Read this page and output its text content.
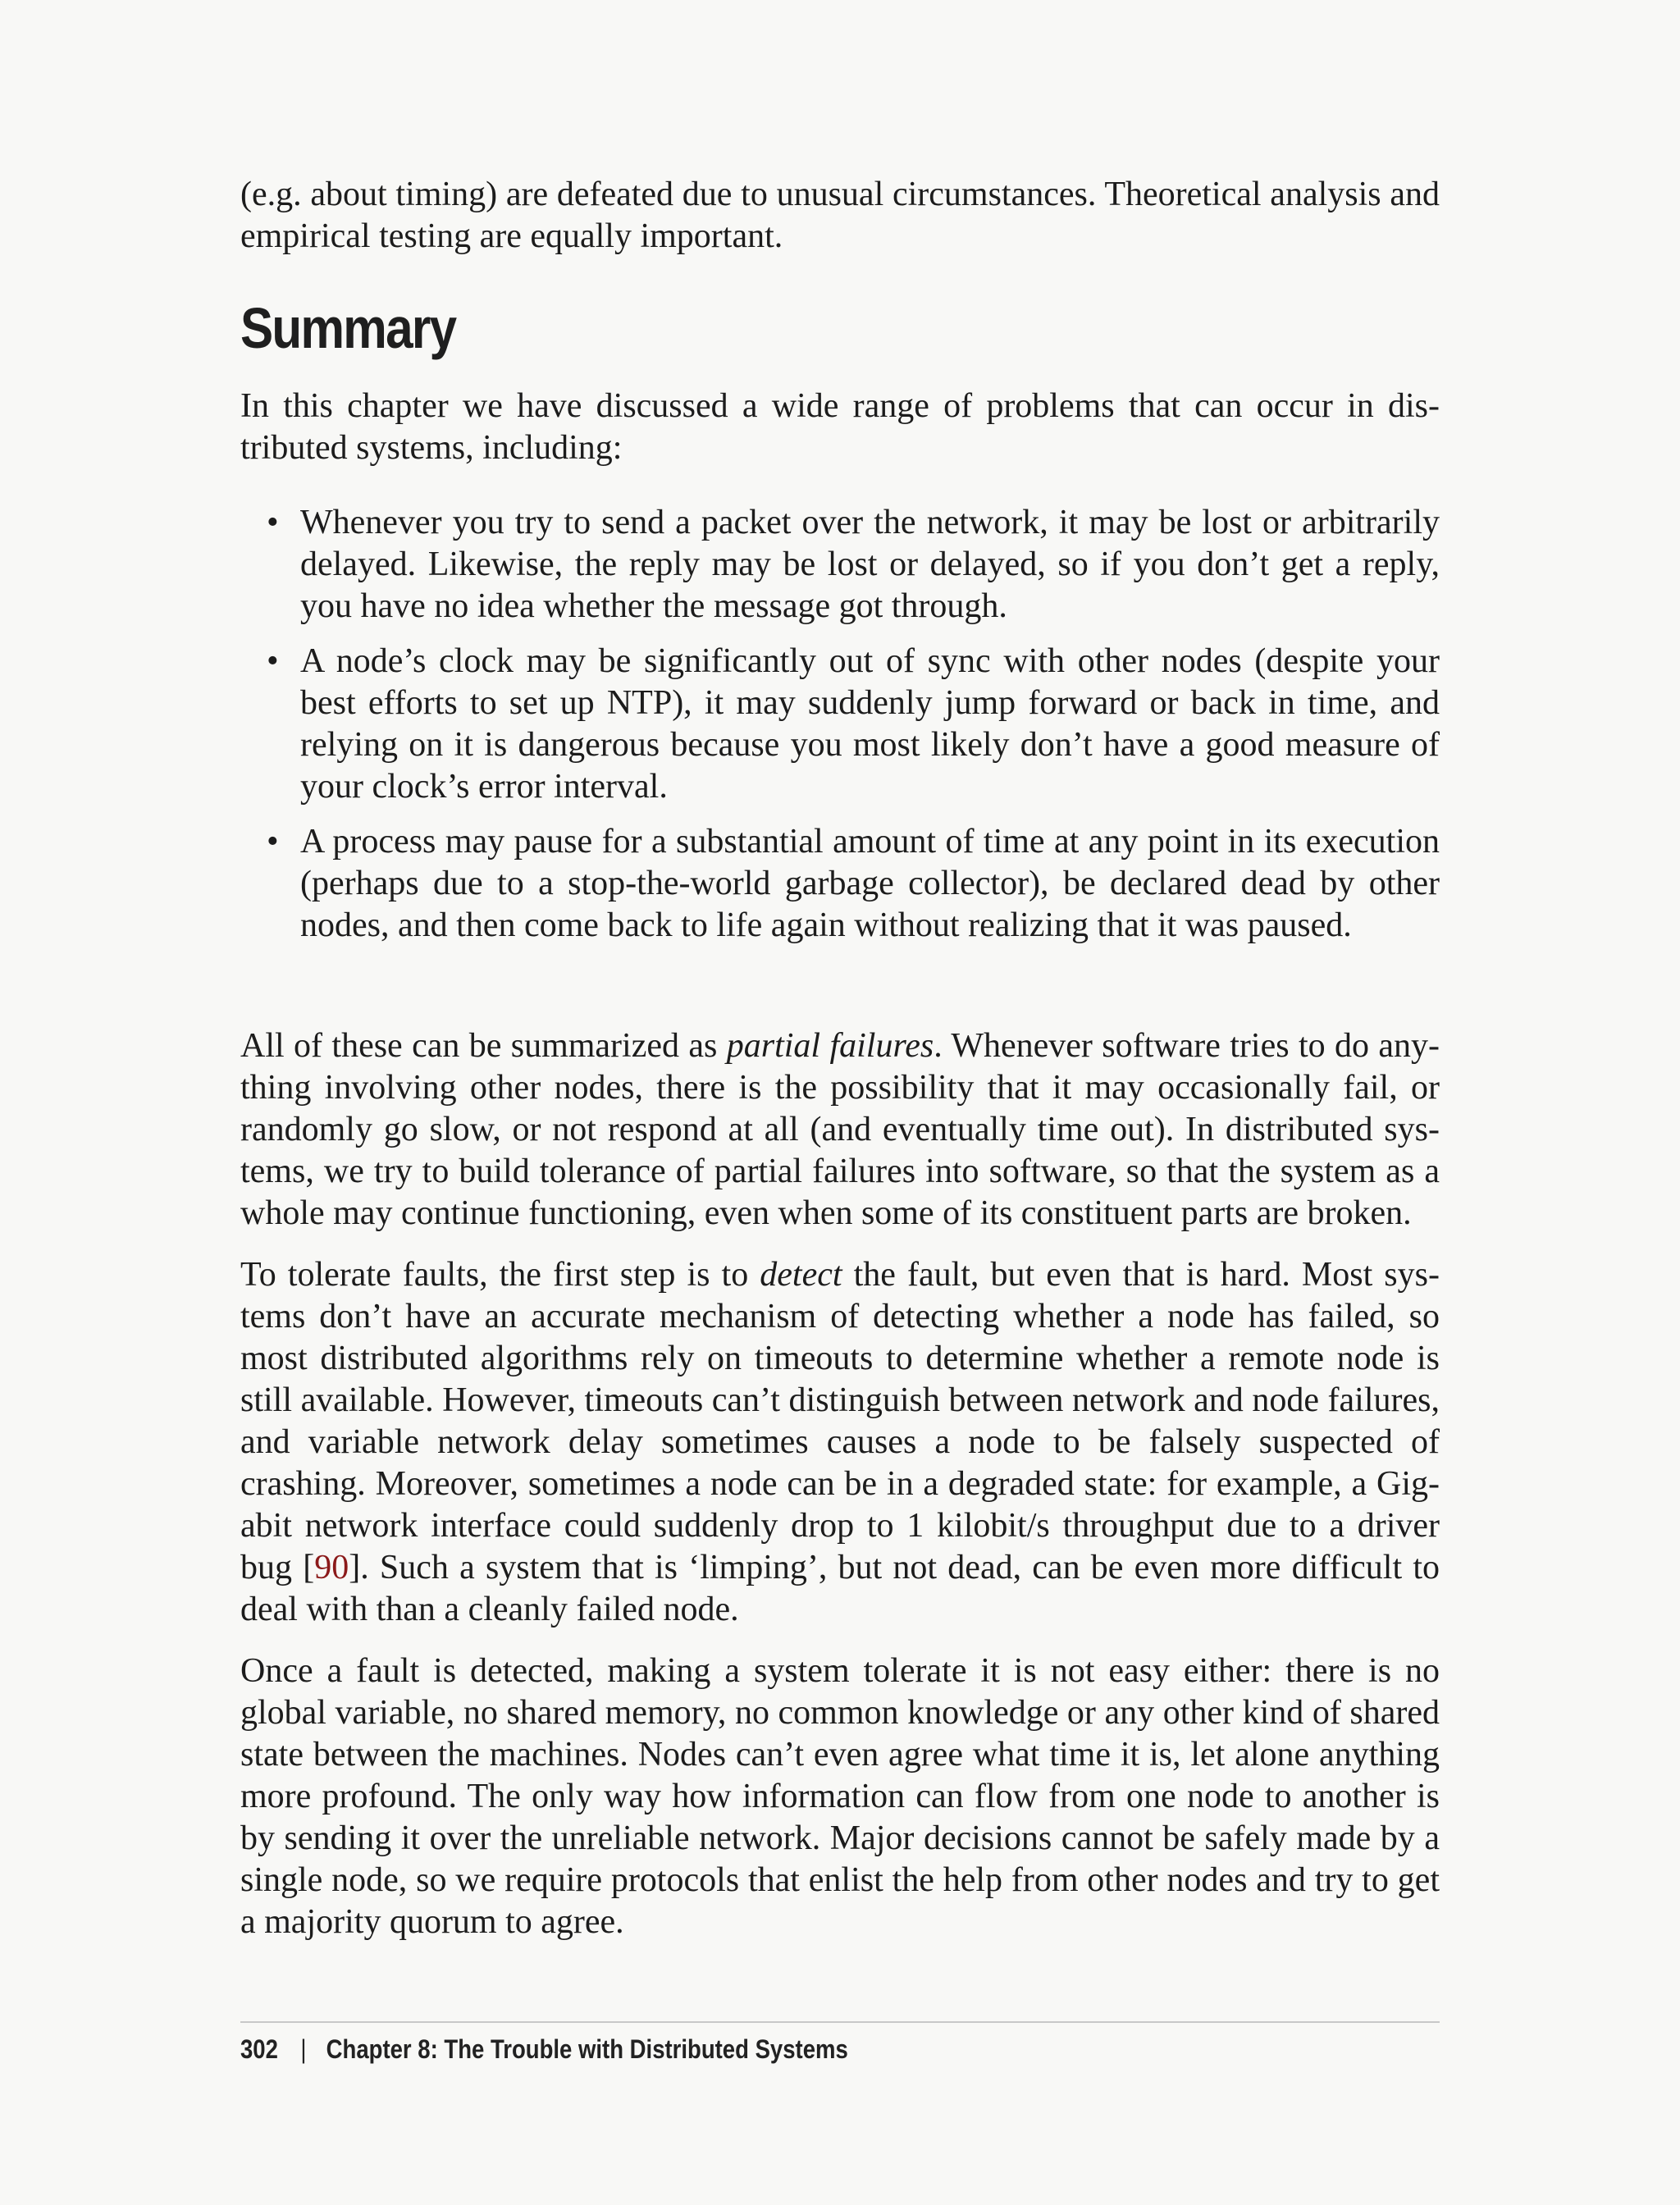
(e.g. about timing) are defeated due to unusual circumstances. Theoretical analysis and empirical testing are equally important.

Summary

In this chapter we have discussed a wide range of problems that can occur in distributed systems, including:

• Whenever you try to send a packet over the network, it may be lost or arbitrarily delayed. Likewise, the reply may be lost or delayed, so if you don’t get a reply, you have no idea whether the message got through.
• A node’s clock may be significantly out of sync with other nodes (despite your best efforts to set up NTP), it may suddenly jump forward or back in time, and relying on it is dangerous because you most likely don’t have a good measure of your clock’s error interval.
• A process may pause for a substantial amount of time at any point in its execution (perhaps due to a stop-the-world garbage collector), be declared dead by other nodes, and then come back to life again without realizing that it was paused.

All of these can be summarized as partial failures. Whenever software tries to do anything involving other nodes, there is the possibility that it may occasionally fail, or randomly go slow, or not respond at all (and eventually time out). In distributed systems, we try to build tolerance of partial failures into software, so that the system as a whole may continue functioning, even when some of its constituent parts are broken.

To tolerate faults, the first step is to detect the fault, but even that is hard. Most systems don’t have an accurate mechanism of detecting whether a node has failed, so most distributed algorithms rely on timeouts to determine whether a remote node is still available. However, timeouts can’t distinguish between network and node failures, and variable network delay sometimes causes a node to be falsely suspected of crashing. Moreover, sometimes a node can be in a degraded state: for example, a Gigabit network interface could suddenly drop to 1 kilobit/s throughput due to a driver bug [90]. Such a system that is ‘limping’, but not dead, can be even more difficult to deal with than a cleanly failed node.

Once a fault is detected, making a system tolerate it is not easy either: there is no global variable, no shared memory, no common knowledge or any other kind of shared state between the machines. Nodes can’t even agree what time it is, let alone anything more profound. The only way how information can flow from one node to another is by sending it over the unreliable network. Major decisions cannot be safely made by a single node, so we require protocols that enlist the help from other nodes and try to get a majority quorum to agree.

302 | Chapter 8: The Trouble with Distributed Systems
